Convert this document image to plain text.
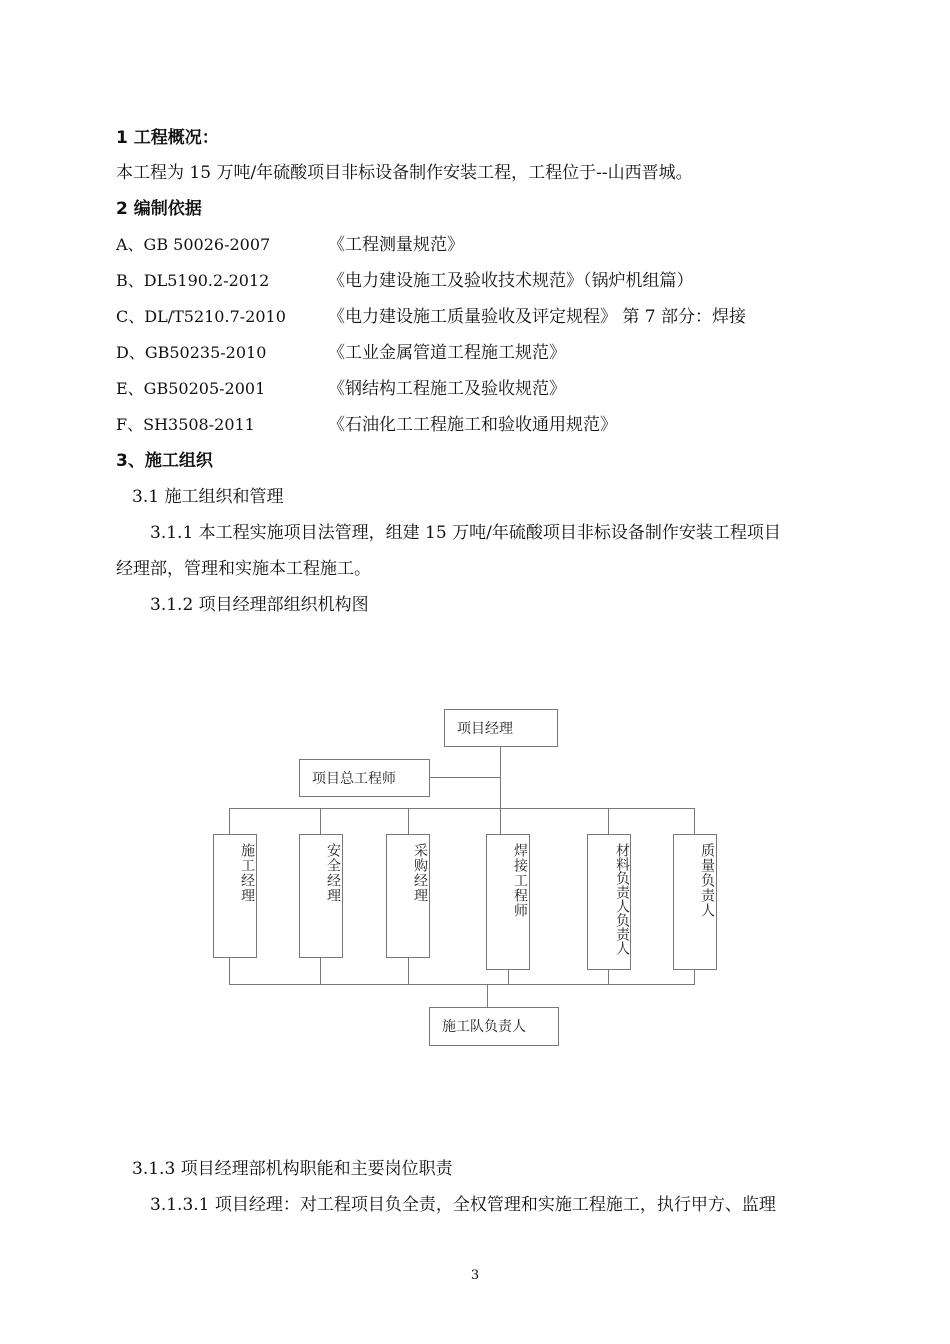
1 工程概况：
本工程为 15 万吨/年硫酸项目非标设备制作安装工程，工程位于--山西晋城。
2 编制依据
A、GB 50026-2007	《工程测量规范》
B、DL5190.2-2012	《电力建设施工及验收技术规范》（锅炉机组篇）
C、DL/T5210.7-2010 《电力建设施工质量验收及评定规程》 第 7 部分：焊接
D、GB50235-2010	《工业金属管道工程施工规范》
E、GB50205-2001	《钢结构工程施工及验收规范》
F、SH3508-2011	《石油化工工程施工和验收通用规范》
3、施工组织
3.1 施工组织和管理
3.1.1 本工程实施项目法管理，组建 15 万吨/年硫酸项目非标设备制作安装工程项目
经理部，管理和实施本工程施工。
3.1.2 项目经理部组织机构图
项目经理
项目总工程师
施工经理	安全经理	采购经理	焊接工程师	材料负责人负责人	质量负责人
施工队负责人
3.1.3 项目经理部机构职能和主要岗位职责
3.1.3.1 项目经理：对工程项目负全责，全权管理和实施工程施工，执行甲方、监理
3
